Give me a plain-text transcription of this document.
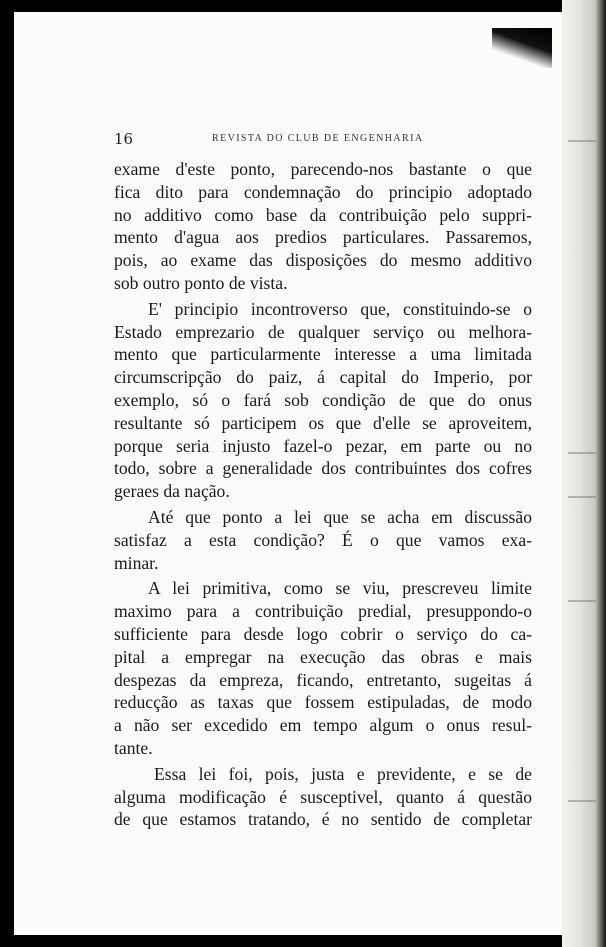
16	REVISTA DO CLUB DE ENGENHARIA
exame d'este ponto, parecendo-nos bastante o que
fica dito para condemnação do principio adoptado
no additivo como base da contribuição pelo suppri-
mento d'agua aos predios particulares. Passaremos,
pois, ao exame das disposições do mesmo additivo
sob outro ponto de vista.
E' principio incontroverso que, constituindo-se o
Estado emprezario de qualquer serviço ou melhora-
mento que particularmente interesse a uma limitada
circumscripção do paiz, á capital do Imperio, por
exemplo, só o fará sob condição de que do onus
resultante só participem os que d'elle se aproveitem,
porque seria injusto fazel-o pezar, em parte ou no
todo, sobre a generalidade dos contribuintes dos cofres
geraes da nação.
Até que ponto a lei que se acha em discussão
satisfaz a esta condição? É o que vamos exa-
minar.
A lei primitiva, como se viu, prescreveu limite
maximo para a contribuição predial, presuppondo-o
sufficiente para desde logo cobrir o serviço do ca-
pital a empregar na execução das obras e mais
despezas da empreza, ficando, entretanto, sugeitas á
reducção as taxas que fossem estipuladas, de modo
a não ser excedido em tempo algum o onus resul-
tante.
Essa lei foi, pois, justa e previdente, e se de
alguma modificação é susceptivel, quanto á questão
de que estamos tratando, é no sentido de completar
